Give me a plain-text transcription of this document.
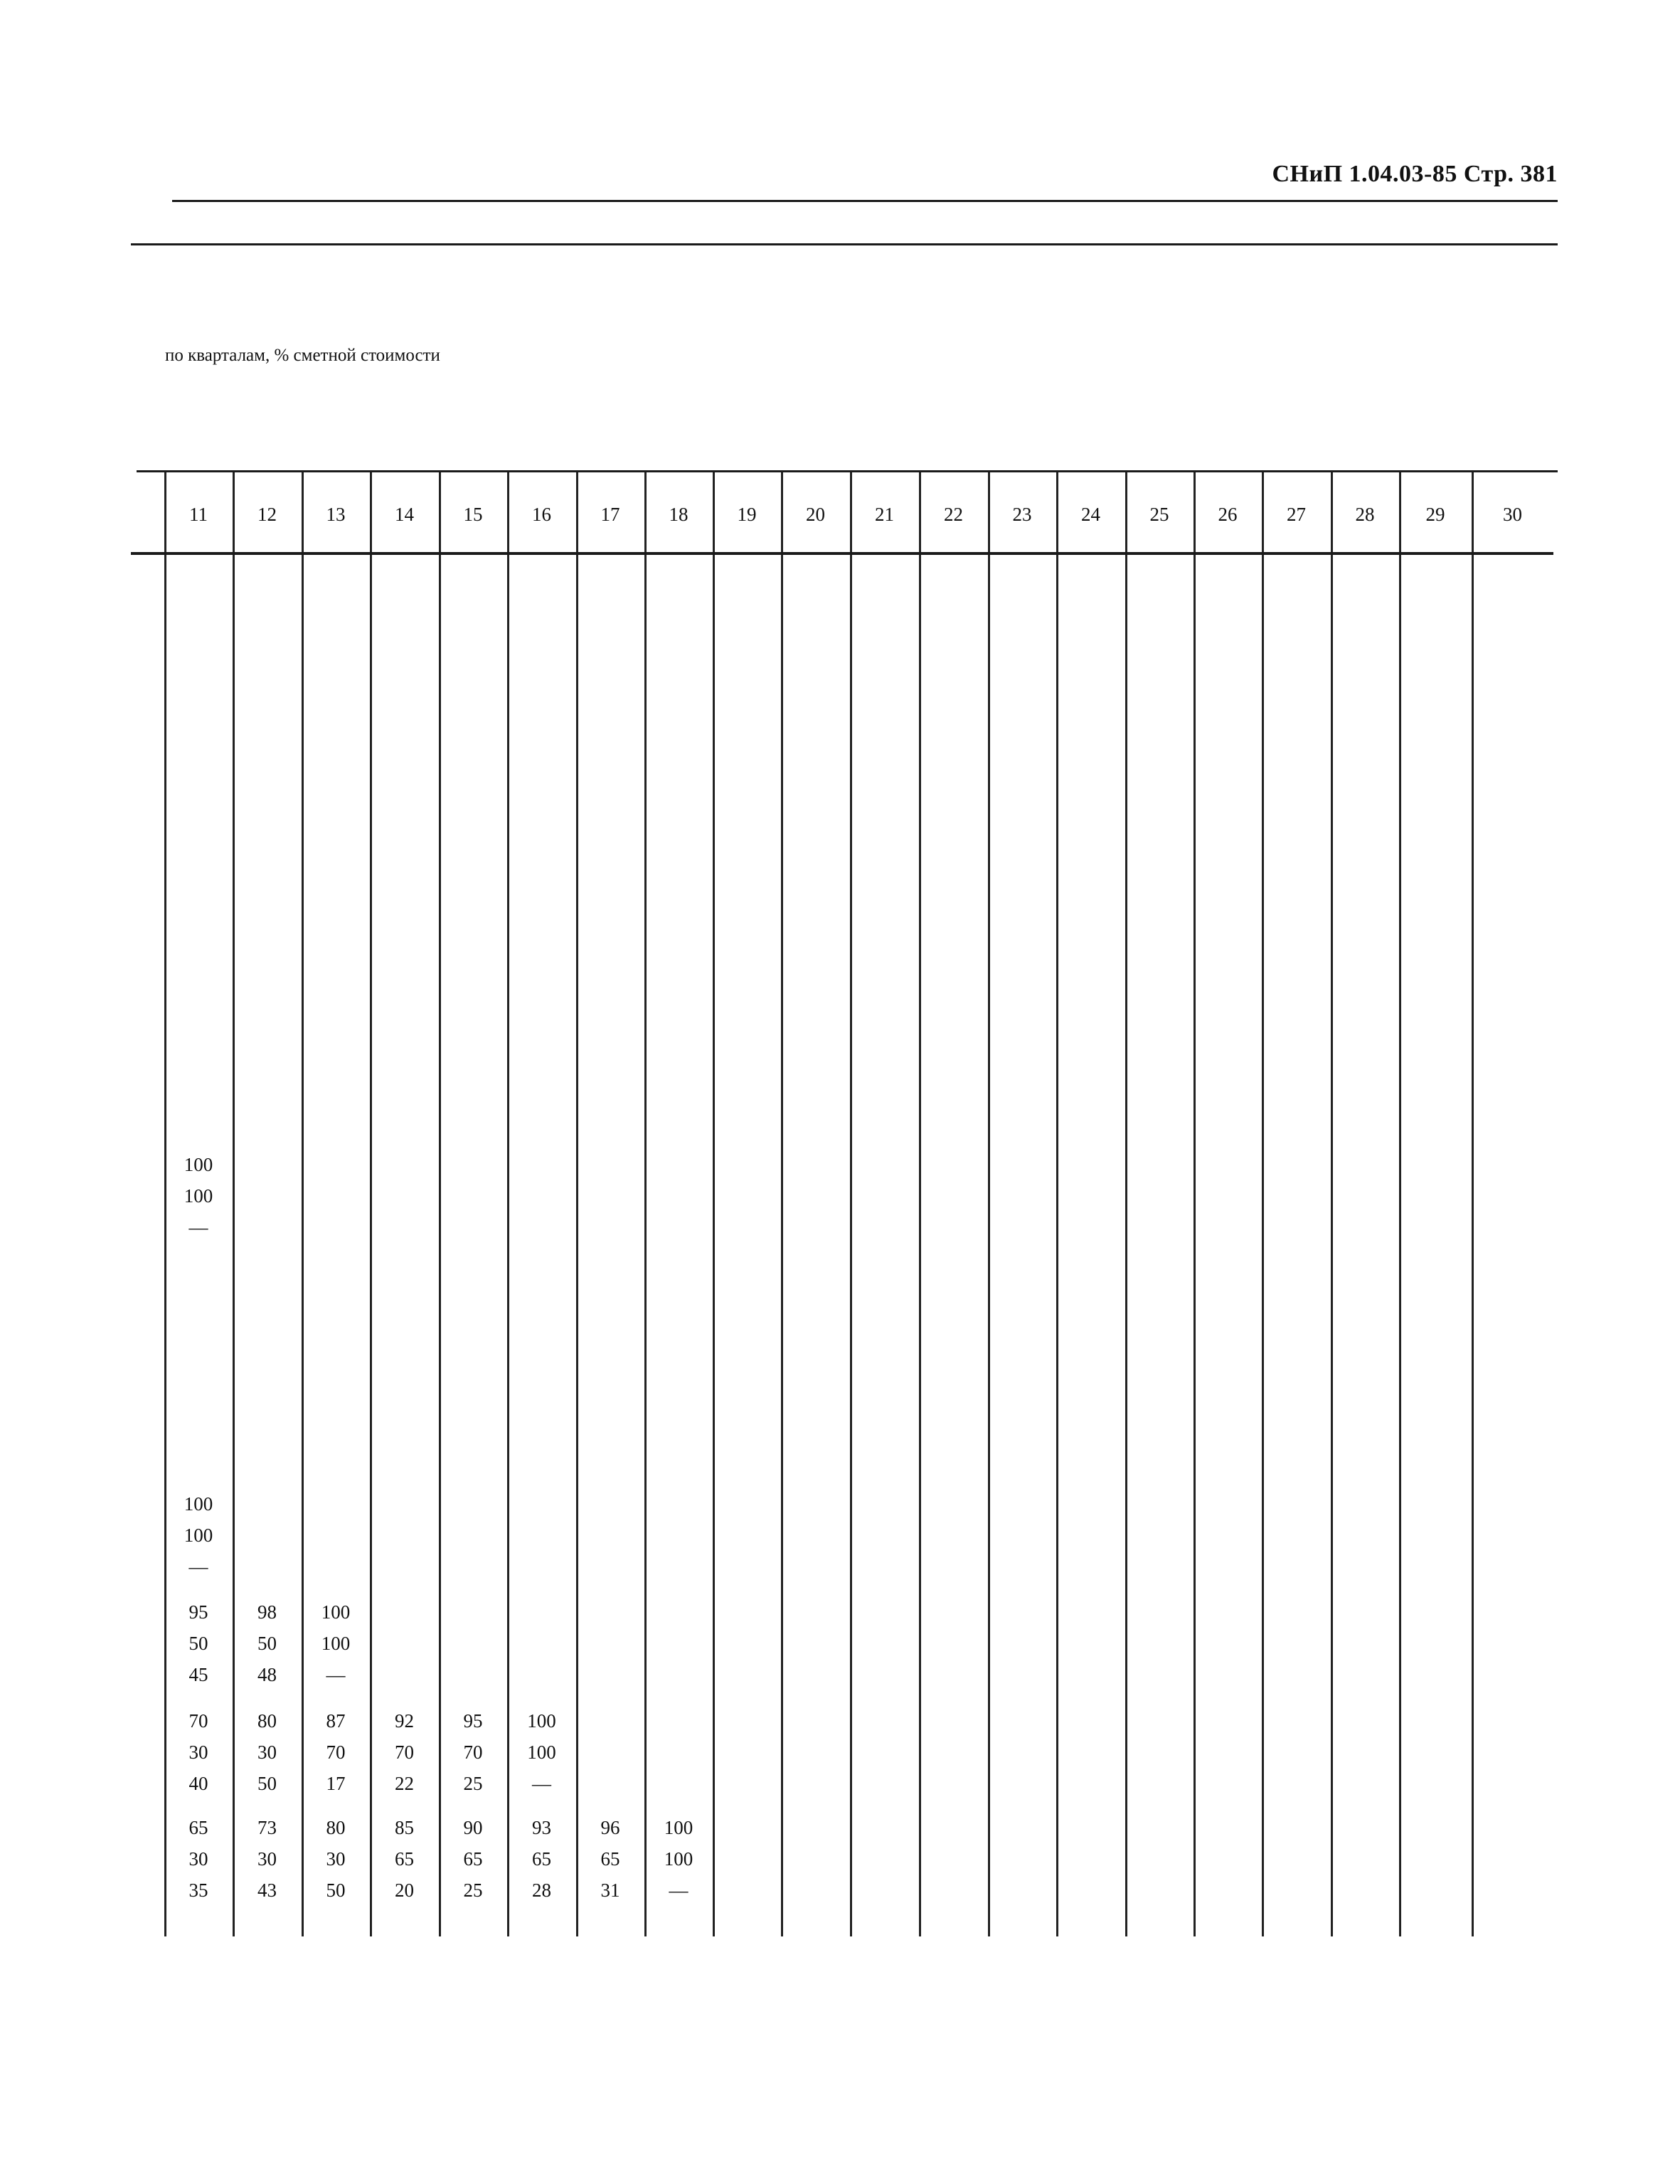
СНиП 1.04.03-85 Стр. 381
по кварталам, % сметной стоимости
11	12	13	14	15	16	17	18	19	20	21	22	23	24	25	26	27	28	29	30
100
100
—
100
100
—
95	98	100
50	50	100
45	48	—
70	80	87	92	95	100
30	30	70	70	70	100
40	50	17	22	25	—
65	73	80	85	90	93	96	100
30	30	30	65	65	65	65	100
35	43	50	20	25	28	31	—
